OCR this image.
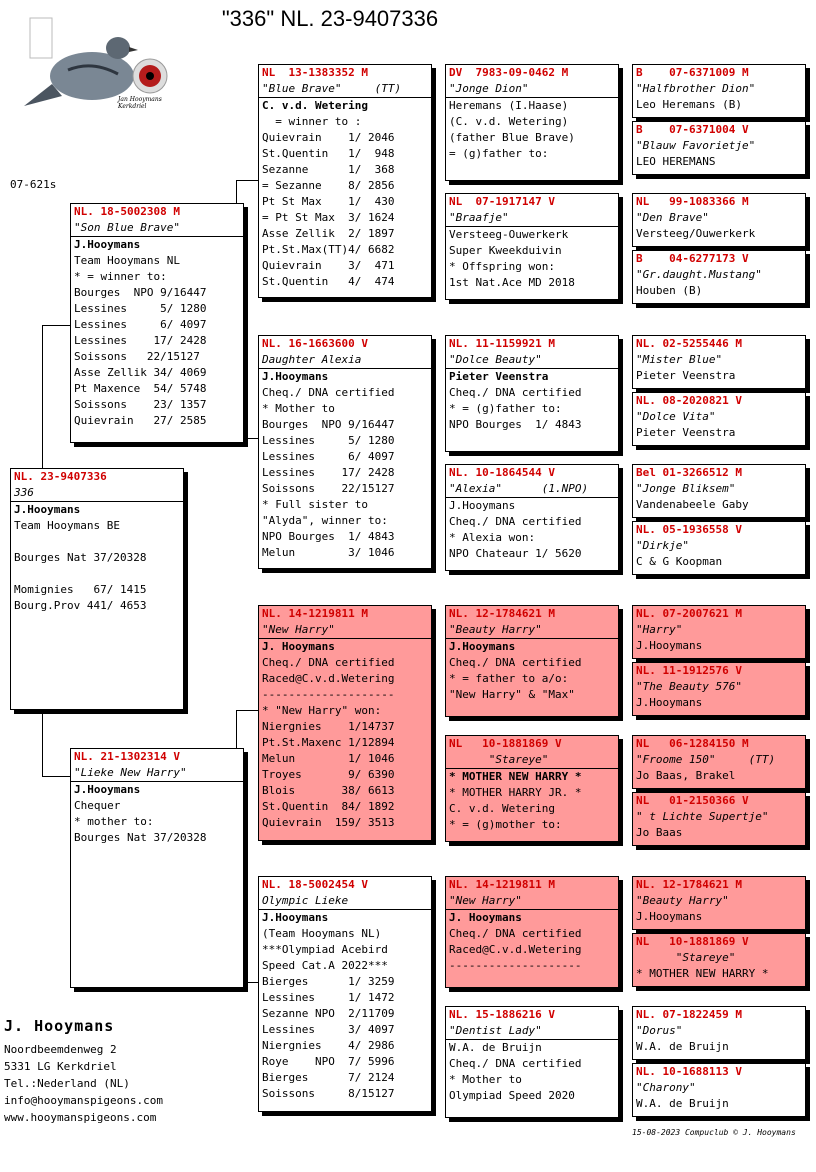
"336" NL. 23-9407336
Jan Hooymans Kerkdriel
07-621s
NL. 23-9407336
336
J.Hooymans
Team Hooymans BE
Bourges Nat 37/20328
Momignies   67/ 1415
Bourg.Prov 441/ 4653
NL. 18-5002308 M
"Son Blue Brave"
J.Hooymans
Team Hooymans NL
* = winner to:
Bourges  NPO 9/16447
Lessines     5/ 1280
Lessines     6/ 4097
Lessines    17/ 2428
Soissons   22/15127
Asse Zellik 34/ 4069
Pt Maxence  54/ 5748
Soissons    23/ 1357
Quievrain   27/ 2585
NL. 21-1302314 V
"Lieke New Harry"
J.Hooymans
Chequer
* mother to:
Bourges Nat 37/20328
NL  13-1383352 M
"Blue Brave"     (TT)
C. v.d. Wetering
= winner to :
Quievrain    1/ 2046
St.Quentin   1/  948
Sezanne      1/  368
= Sezanne    8/ 2856
Pt St Max    1/  430
= Pt St Max  3/ 1624
Asse Zellik  2/ 1897
Pt.St.Max(TT)4/ 6682
Quievrain    3/  471
St.Quentin   4/  474
NL. 16-1663600 V
Daughter Alexia
J.Hooymans
Cheq./ DNA certified
* Mother to
Bourges  NPO 9/16447
Lessines     5/ 1280
Lessines     6/ 4097
Lessines    17/ 2428
Soissons    22/15127
* Full sister to
"Alyda", winner to:
NPO Bourges  1/ 4843
Melun        3/ 1046
NL. 14-1219811 M
"New Harry"
J. Hooymans
Cheq./ DNA certified
Raced@C.v.d.Wetering
--------------------
* "New Harry" won:
Niergnies    1/14737
Pt.St.Maxenc 1/12894
Melun        1/ 1046
Troyes       9/ 6390
Blois       38/ 6613
St.Quentin  84/ 1892
Quievrain  159/ 3513
NL. 18-5002454 V
Olympic Lieke
J.Hooymans
(Team Hooymans NL)
***Olympiad Acebird
Speed Cat.A 2022***
Bierges      1/ 3259
Lessines     1/ 1472
Sezanne NPO  2/11709
Lessines     3/ 4097
Niergnies    4/ 2986
Roye    NPO  7/ 5996
Bierges      7/ 2124
Soissons     8/15127
DV  7983-09-0462 M
"Jonge Dion"
Heremans (I.Haase)
(C. v.d. Wetering)
(father Blue Brave)
= (g)father to:
NL  07-1917147 V
"Braafje"
Versteeg-Ouwerkerk
Super Kweekduivin
* Offspring won:
1st Nat.Ace MD 2018
NL. 11-1159921 M
"Dolce Beauty"
Pieter Veenstra
Cheq./ DNA certified
* = (g)father to:
NPO Bourges  1/ 4843
NL. 10-1864544 V
"Alexia"      (1.NPO)
J.Hooymans
Cheq./ DNA certified
* Alexia won:
NPO Chateaur 1/ 5620
NL. 12-1784621 M
"Beauty Harry"
J.Hooymans
Cheq./ DNA certified
* = father to a/o:
"New Harry" & "Max"
NL   10-1881869 V
"Stareye"
* MOTHER NEW HARRY *
* MOTHER HARRY JR. *
C. v.d. Wetering
* = (g)mother to:
NL. 14-1219811 M
"New Harry"
J. Hooymans
Cheq./ DNA certified
Raced@C.v.d.Wetering
--------------------
NL. 15-1886216 V
"Dentist Lady"
W.A. de Bruijn
Cheq./ DNA certified
* Mother to
Olympiad Speed 2020
B    07-6371009 M
"Halfbrother Dion"
Leo Heremans (B)
B    07-6371004 V
"Blauw Favorietje"
LEO HEREMANS
NL   99-1083366 M
"Den Brave"
Versteeg/Ouwerkerk
B    04-6277173 V
"Gr.daught.Mustang"
Houben (B)
NL. 02-5255446 M
"Mister Blue"
Pieter Veenstra
NL. 08-2020821 V
"Dolce Vita"
Pieter Veenstra
Bel 01-3266512 M
"Jonge Bliksem"
Vandenabeele Gaby
NL. 05-1936558 V
"Dirkje"
C & G Koopman
NL. 07-2007621 M
"Harry"
J.Hooymans
NL. 11-1912576 V
"The Beauty 576"
J.Hooymans
NL   06-1284150 M
"Froome 150"     (TT)
Jo Baas, Brakel
NL   01-2150366 V
" t Lichte Supertje"
Jo Baas
NL. 12-1784621 M
"Beauty Harry"
J.Hooymans
NL   10-1881869 V
"Stareye"
* MOTHER NEW HARRY *
NL. 07-1822459 M
"Dorus"
W.A. de Bruijn
NL. 10-1688113 V
"Charony"
W.A. de Bruijn
J. Hooymans
Noordbeemdenweg 2
5331 LG Kerkdriel
Tel.:Nederland (NL)
info@hooymanspigeons.com
www.hooymanspigeons.com
15-08-2023 Compuclub © J. Hooymans
